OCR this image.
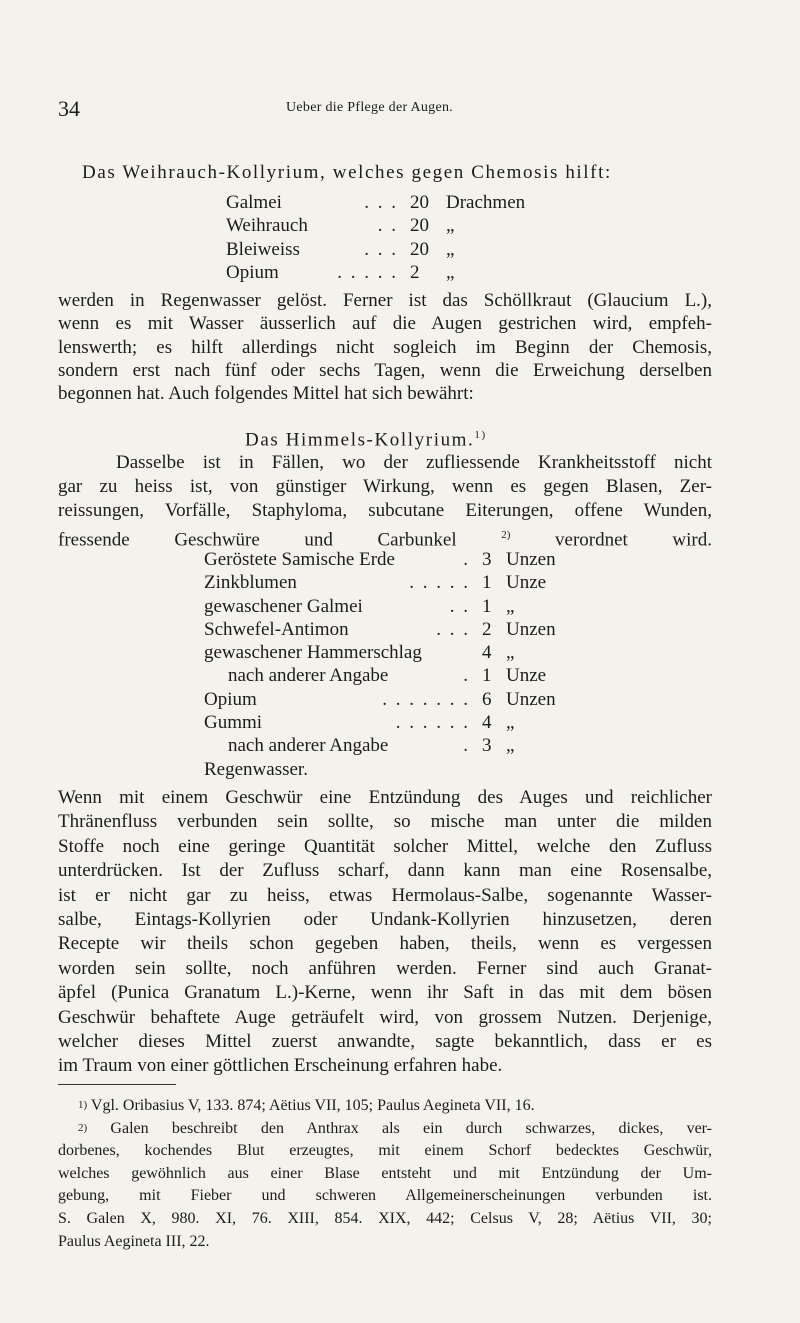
34	Ueber die Pflege der Augen.
Das Weihrauch-Kollyrium, welches gegen Chemosis hilft:
Galmei	. . . 20 Drachmen
Weihrauch	. . 20 „
Bleiweiss	. . . 20 „
Opium	. . . . . 2 „
werden in Regenwasser gelöst. Ferner ist das Schöllkraut (Glaucium L.),
wenn es mit Wasser äusserlich auf die Augen gestrichen wird, empfeh-
lenswerth; es hilft allerdings nicht sogleich im Beginn der Chemosis,
sondern erst nach fünf oder sechs Tagen, wenn die Erweichung derselben
begonnen hat. Auch folgendes Mittel hat sich bewährt:
Das Himmels-Kollyrium.$^{1)}$
Dasselbe ist in Fällen, wo der zufliessende Krankheitsstoff nicht
gar zu heiss ist, von günstiger Wirkung, wenn es gegen Blasen, Zer-
reissungen, Vorfälle, Staphyloma, subcutane Eiterungen, offene Wunden,
fressende Geschwüre und Carbunkel	$^{2)}$ verordnet wird.
Geröstete Samische Erde	. 3 Unzen
Zinkblumen	. . . . . 1 Unze
gewaschener Galmei	. . 1 „
Schwefel-Antimon	. . . 2 Unzen
gewaschener Hammerschlag	4 „
nach anderer Angabe	. 1 Unze
Opium	. . . . . . . 6 Unzen
Gummi	. . . . . . 4 „
nach anderer Angabe	. 3 „
Regenwasser.
Wenn mit einem Geschwür eine Entzündung des Auges und reichlicher
Thränenfluss verbunden sein sollte, so mische man unter die milden
Stoffe noch eine geringe Quantität solcher Mittel, welche den Zufluss
unterdrücken. Ist der Zufluss scharf, dann kann man eine Rosensalbe,
ist er nicht gar zu heiss, etwas Hermolaus-Salbe, sogenannte Wasser-
salbe, Eintags-Kollyrien oder Undank-Kollyrien hinzusetzen, deren
Recepte wir theils schon gegeben haben, theils, wenn es vergessen
worden sein sollte, noch anführen werden. Ferner sind auch Granat-
äpfel (Punica Granatum L.)-Kerne, wenn ihr Saft in das mit dem bösen
Geschwür behaftete Auge geträufelt wird, von grossem Nutzen. Derjenige,
welcher dieses Mittel zuerst anwandte, sagte bekanntlich, dass er es
im Traum von einer göttlichen Erscheinung erfahren habe.
$^{1)}$ Vgl. Oribasius V, 133. 874; Aëtius VII, 105; Paulus Aegineta VII, 16.
$^{2)}$ Galen beschreibt den Anthrax als ein durch schwarzes, dickes, ver-
dorbenes, kochendes Blut erzeugtes, mit einem Schorf bedecktes Geschwür,
welches gewöhnlich aus einer Blase entsteht und mit Entzündung der Um-
gebung, mit Fieber und schweren Allgemeinerscheinungen verbunden ist.
S. Galen X, 980. XI, 76. XIII, 854. XIX, 442; Celsus V, 28; Aëtius VII, 30;
Paulus Aegineta III, 22.
